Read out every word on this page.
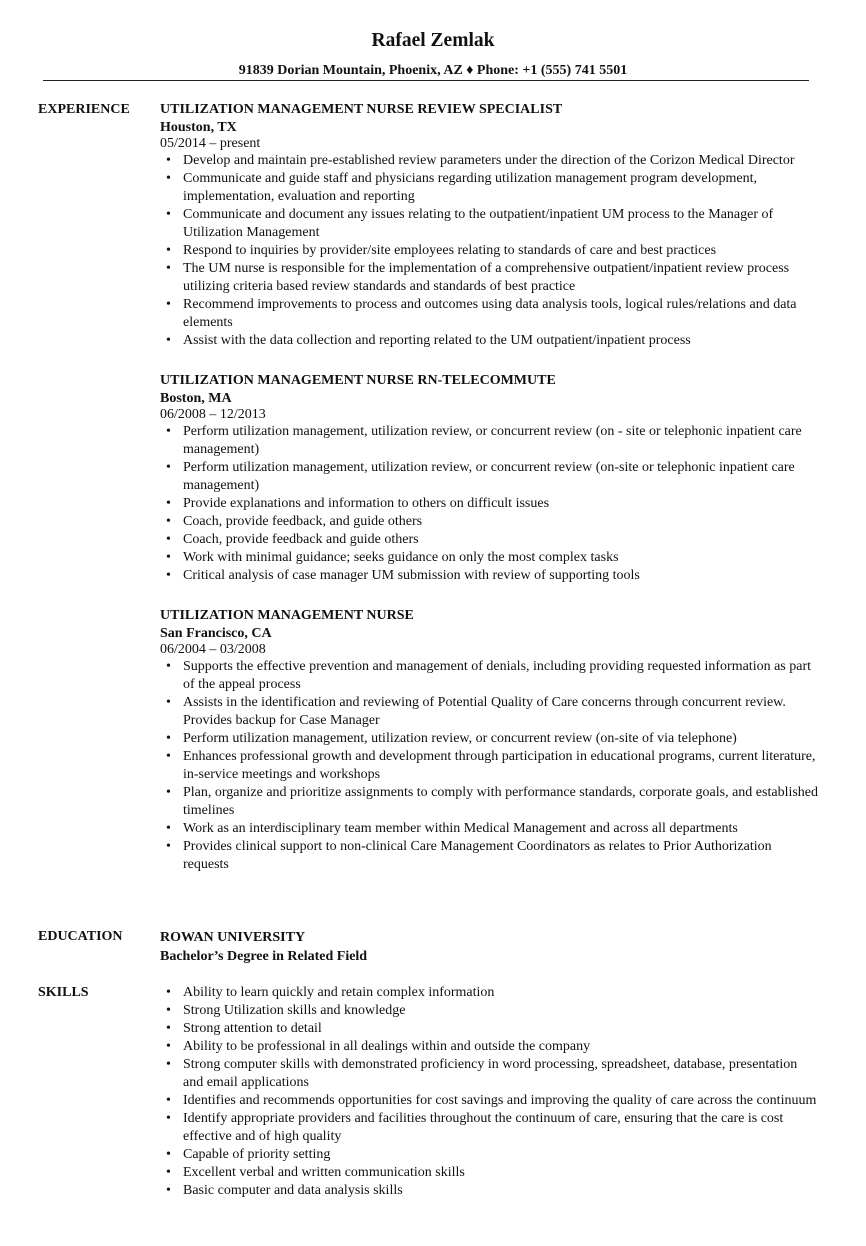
Rafael Zemlak
91839 Dorian Mountain, Phoenix, AZ ♦ Phone: +1 (555) 741 5501
EXPERIENCE UTILIZATION MANAGEMENT NURSE REVIEW SPECIALIST
Houston, TX
05/2014 – present
• Develop and maintain pre-established review parameters under the direction of the Corizon Medical Director
• Communicate and guide staff and physicians regarding utilization management program development, implementation, evaluation and reporting
• Communicate and document any issues relating to the outpatient/inpatient UM process to the Manager of Utilization Management
• Respond to inquiries by provider/site employees relating to standards of care and best practices
• The UM nurse is responsible for the implementation of a comprehensive outpatient/inpatient review process utilizing criteria based review standards and standards of best practice
• Recommend improvements to process and outcomes using data analysis tools, logical rules/relations and data elements
• Assist with the data collection and reporting related to the UM outpatient/inpatient process
UTILIZATION MANAGEMENT NURSE RN-TELECOMMUTE
Boston, MA
06/2008 – 12/2013
• Perform utilization management, utilization review, or concurrent review (on - site or telephonic inpatient care management)
• Perform utilization management, utilization review, or concurrent review (on-site or telephonic inpatient care management)
• Provide explanations and information to others on difficult issues
• Coach, provide feedback, and guide others
• Coach, provide feedback and guide others
• Work with minimal guidance; seeks guidance on only the most complex tasks
• Critical analysis of case manager UM submission with review of supporting tools
UTILIZATION MANAGEMENT NURSE
San Francisco, CA
06/2004 – 03/2008
• Supports the effective prevention and management of denials, including providing requested information as part of the appeal process
• Assists in the identification and reviewing of Potential Quality of Care concerns through concurrent review. Provides backup for Case Manager
• Perform utilization management, utilization review, or concurrent review (on-site of via telephone)
• Enhances professional growth and development through participation in educational programs, current literature, in-service meetings and workshops
• Plan, organize and prioritize assignments to comply with performance standards, corporate goals, and established timelines
• Work as an interdisciplinary team member within Medical Management and across all departments
• Provides clinical support to non-clinical Care Management Coordinators as relates to Prior Authorization requests
EDUCATION	ROWAN UNIVERSITY
Bachelor’s Degree in Related Field
SKILLS
•	Ability to learn quickly and retain complex information
• Strong Utilization skills and knowledge
• Strong attention to detail
• Ability to be professional in all dealings within and outside the company
• Strong computer skills with demonstrated proficiency in word processing, spreadsheet, database, presentation and email applications
• Identifies and recommends opportunities for cost savings and improving the quality of care across the continuum
• Identify appropriate providers and facilities throughout the continuum of care, ensuring that the care is cost effective and of high quality
• Capable of priority setting
• Excellent verbal and written communication skills
• Basic computer and data analysis skills
